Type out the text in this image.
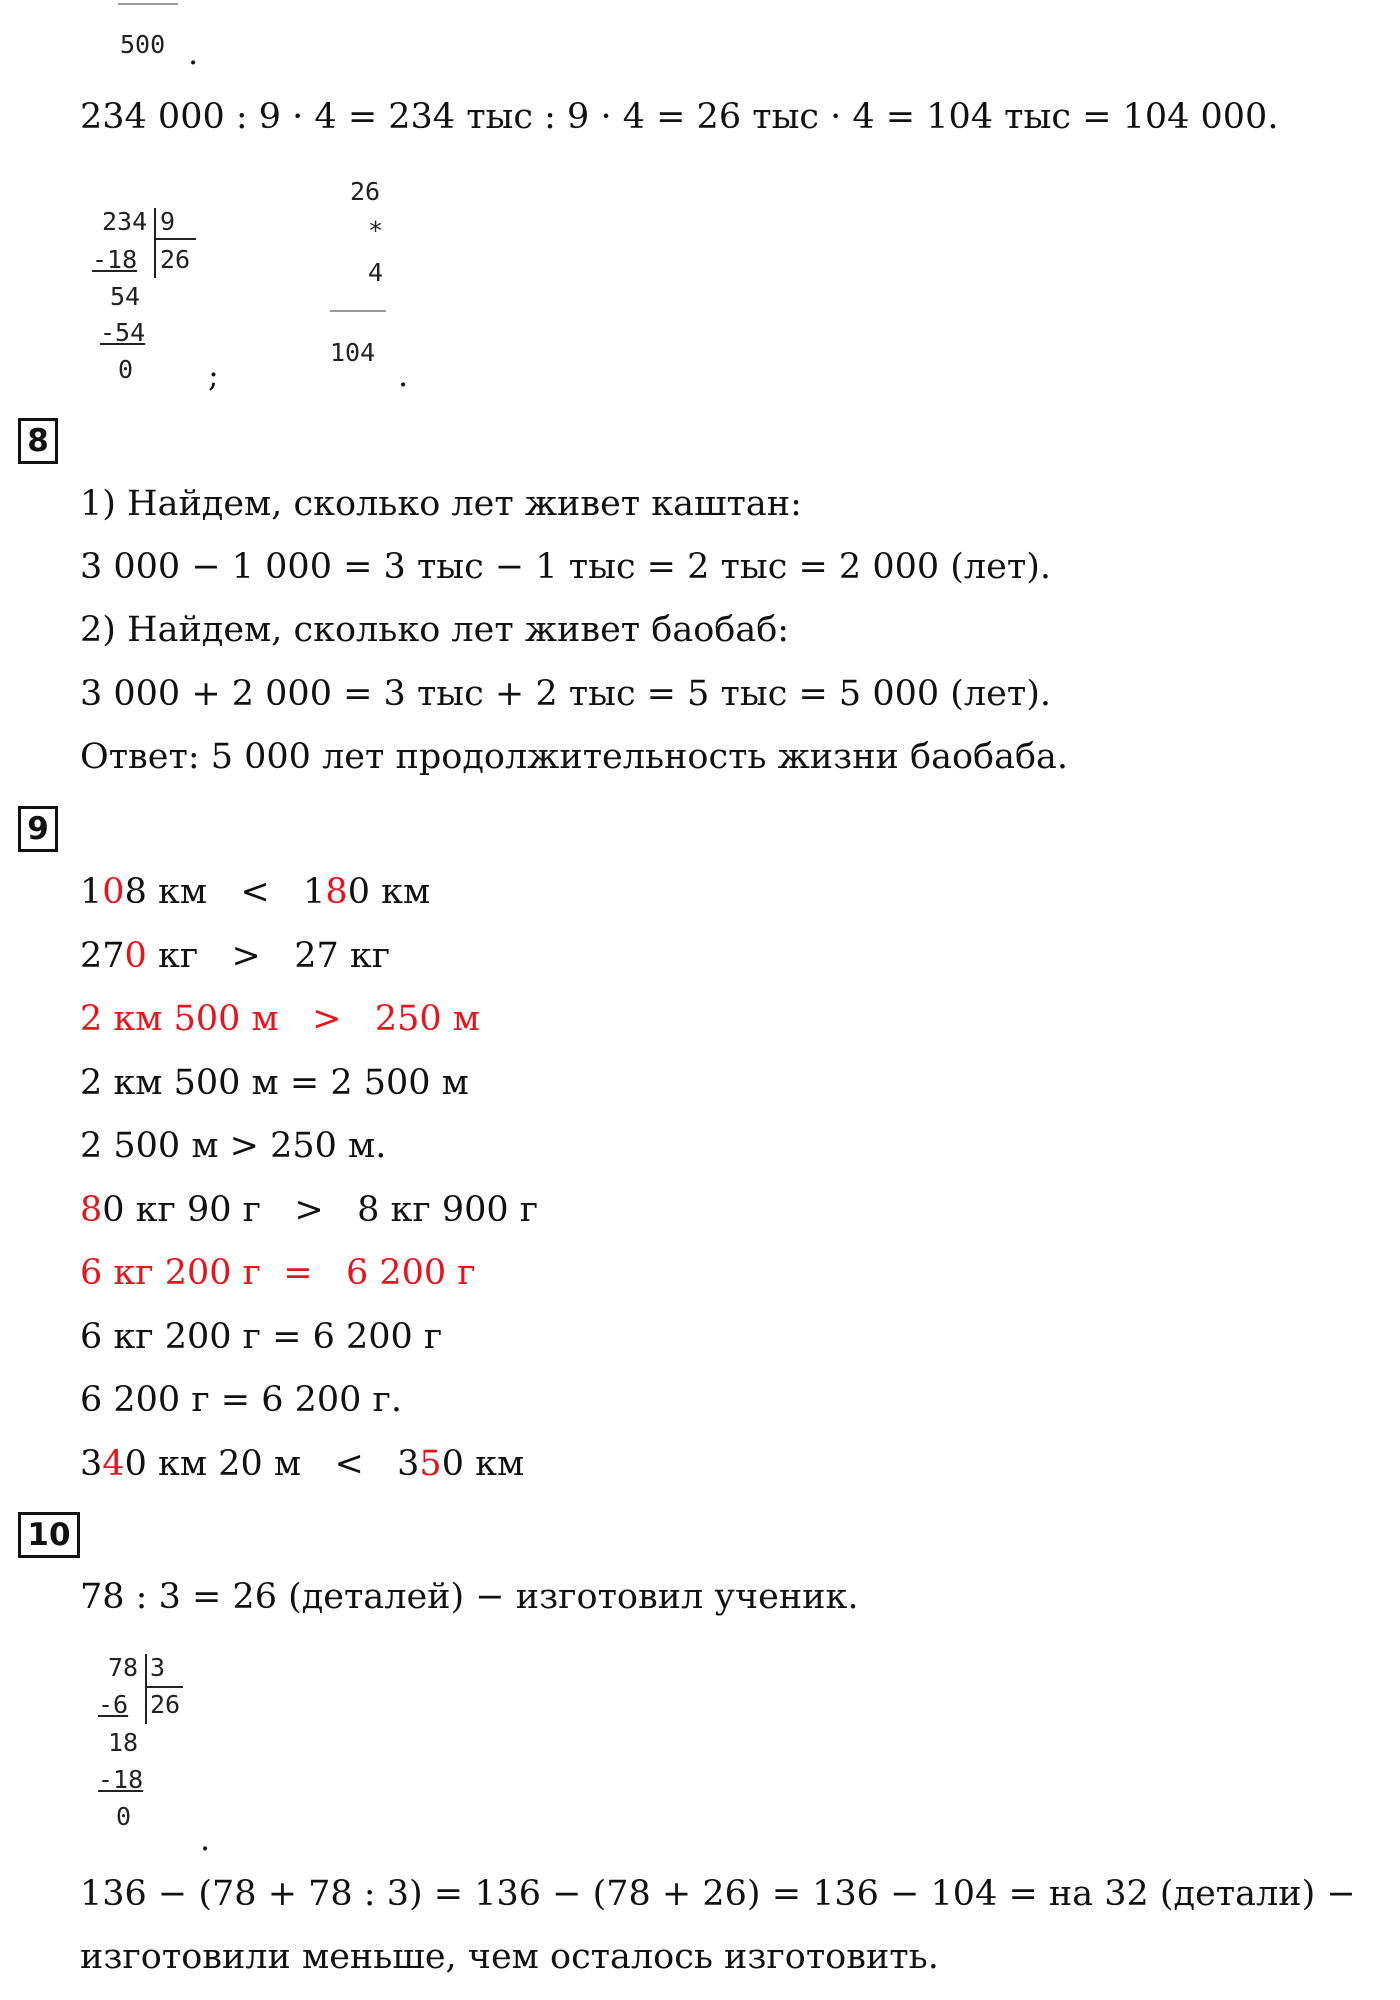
500 .
234 000 : 9 · 4 = 234 тыс : 9 · 4 = 26 тыс · 4 = 104 тыс = 104 000.
234 9
26
-18
54
-54
0 ;
26
*
4
104
.
8
1) Найдем, сколько лет живет каштан:
3 000 − 1 000 = 3 тыс − 1 тыс = 2 тыс = 2 000 (лет).
2) Найдем, сколько лет живет баобаб:
3 000 + 2 000 = 3 тыс + 2 тыс = 5 тыс = 5 000 (лет).
Ответ: 5 000 лет продолжительность жизни баобаба.
9
108 км   <   180 км
270 кг   >   27 кг
2 км 500 м   >   250 м
2 км 500 м = 2 500 м
2 500 м > 250 м.
80 кг 90 г   >   8 кг 900 г
6 кг 200 г  =   6 200 г
6 кг 200 г = 6 200 г
6 200 г = 6 200 г.
340 км 20 м   <   350 км
10
78 : 3 = 26 (деталей) − изготовил ученик.
78 3
26
-6
18
-18
0
.
136 − (78 + 78 : 3) = 136 − (78 + 26) = 136 − 104 = на 32 (детали) −
изготовили меньше, чем осталось изготовить.
